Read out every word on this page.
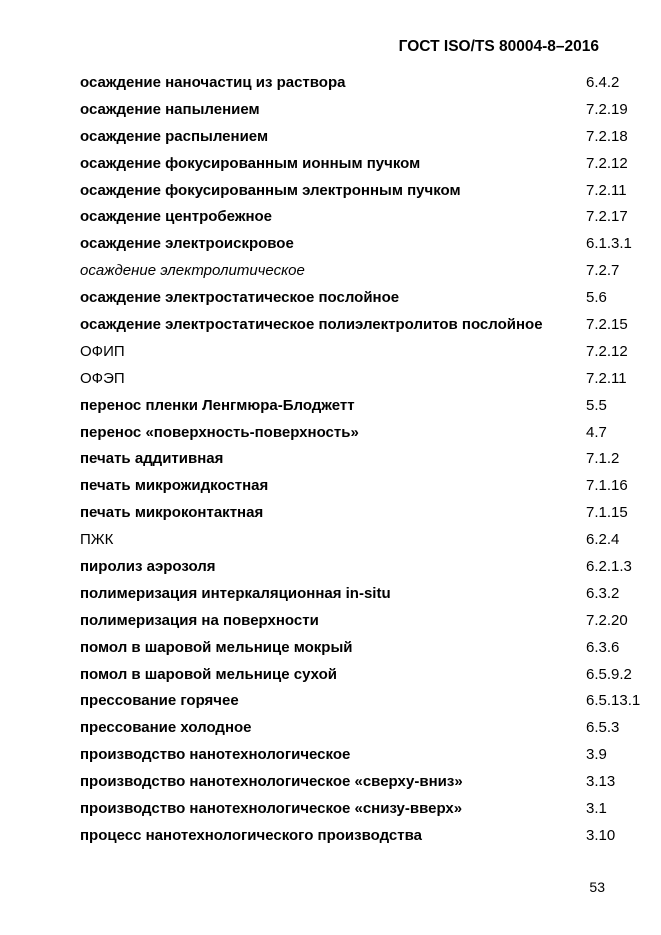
ГОСТ ISO/TS 80004-8–2016
осаждение наночастиц из раствора	6.4.2
осаждение напылением	7.2.19
осаждение распылением	7.2.18
осаждение фокусированным ионным пучком	7.2.12
осаждение фокусированным электронным пучком	7.2.11
осаждение центробежное	7.2.17
осаждение электроискровое	6.1.3.1
осаждение электролитическое	7.2.7
осаждение электростатическое послойное	5.6
осаждение электростатическое полиэлектролитов послойное	7.2.15
ОФИП	7.2.12
ОФЭП	7.2.11
перенос пленки Ленгмюра-Блоджетт	5.5
перенос «поверхность-поверхность»	4.7
печать аддитивная	7.1.2
печать микрожидкостная	7.1.16
печать микроконтактная	7.1.15
ПЖК	6.2.4
пиролиз аэрозоля	6.2.1.3
полимеризация интеркаляционная in-situ	6.3.2
полимеризация на поверхности	7.2.20
помол в шаровой мельнице мокрый	6.3.6
помол в шаровой мельнице сухой	6.5.9.2
прессование горячее	6.5.13.1
прессование холодное	6.5.3
производство нанотехнологическое	3.9
производство нанотехнологическое «сверху-вниз»	3.13
производство нанотехнологическое «снизу-вверх»	3.1
процесс нанотехнологического производства	3.10
53
